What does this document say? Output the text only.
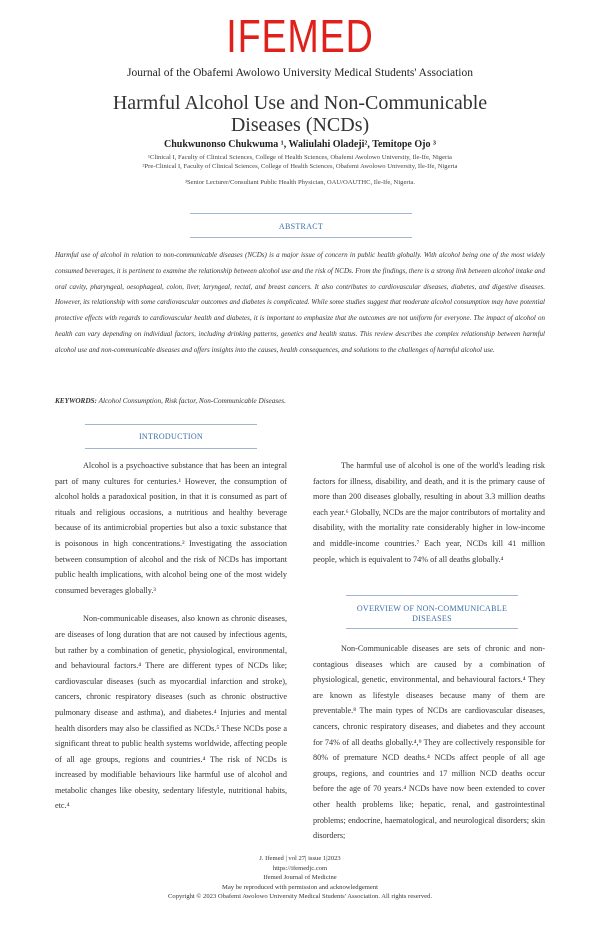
IFEMED
Journal of the Obafemi Awolowo University Medical Students' Association
Harmful Alcohol Use and Non-Communicable
Diseases (NCDs)
Chukwunonso Chukwuma ¹, Waliulahi Oladeji², Temitope Ojo ³
¹Clinical I, Faculty of Clinical Sciences, College of Health Sciences, Obafemi Awolowo University, Ile-Ife, Nigeria
²Pre-Clinical I, Faculty of Clinical Sciences, College of Health Sciences, Obafemi Awolowo University, Ile-Ife, Nigeria
³Senior Lecturer/Consultant Public Health Physician, OAU/OAUTHC, Ile-Ife, Nigeria.
ABSTRACT
Harmful use of alcohol in relation to non-communicable diseases (NCDs) is a major issue of concern in public health globally. With alcohol being one of the most widely consumed beverages, it is pertinent to examine the relationship between alcohol use and the risk of NCDs. From the findings, there is a strong link between alcohol intake and oral cavity, pharyngeal, oesophageal, colon, liver, laryngeal, rectal, and breast cancers. It also contributes to cardiovascular diseases, diabetes, and digestive diseases. However, its relationship with some cardiovascular outcomes and diabetes is complicated. While some studies suggest that moderate alcohol consumption may have potential protective effects with regards to cardiovascular health and diabetes, it is important to emphasize that the outcomes are not uniform for everyone. The impact of alcohol on health can vary depending on individual factors, including drinking patterns, genetics and health status. This review describes the complex relationship between harmful alcohol use and non-communicable diseases and offers insights into the causes, health consequences, and solutions to the challenges of harmful alcohol use.
KEYWORDS: Alcohol Consumption, Risk factor, Non-Communicable Diseases.
INTRODUCTION

Alcohol is a psychoactive substance that has been an integral part of many cultures for centuries.¹ However, the consumption of alcohol holds a paradoxical position, in that it is consumed as part of rituals and religious occasions, a nutritious and healthy beverage because of its antimicrobial properties but also a toxic substance that is poisonous in high concentrations.² Investigating the association between consumption of alcohol and the risk of NCDs has important public health implications, with alcohol being one of the most widely consumed beverages globally.³

Non-communicable diseases, also known as chronic diseases, are diseases of long duration that are not caused by infectious agents, but rather by a combination of genetic, physiological, environmental, and behavioural factors.⁴ There are different types of NCDs like; cardiovascular diseases (such as myocardial infarction and stroke), cancers, chronic respiratory diseases (such as chronic obstructive pulmonary disease and asthma), and diabetes.⁴ Injuries and mental health disorders may also be classified as NCDs.⁵ These NCDs pose a significant threat to public health systems worldwide, affecting people of all age groups, regions and countries.⁴ The risk of NCDs is increased by modifiable behaviours like harmful use of alcohol and metabolic changes like obesity, sedentary lifestyle, nutritional habits, etc.⁴

The harmful use of alcohol is one of the world's leading risk factors for illness, disability, and death, and it is the primary cause of more than 200 diseases globally, resulting in about 3.3 million deaths each year.⁶ Globally, NCDs are the major contributors of mortality and disability, with the mortality rate considerably higher in low-income and middle-income countries.⁷ Each year, NCDs kill 41 million people, which is equivalent to 74% of all deaths globally.⁴

OVERVIEW OF NON-COMMUNICABLE
DISEASES

Non-Communicable diseases are sets of chronic and non-contagious diseases which are caused by a combination of physiological, genetic, environmental, and behavioural factors.⁴ They are known as lifestyle diseases because many of them are preventable.⁸ The main types of NCDs are cardiovascular diseases, cancers, chronic respiratory diseases, and diabetes and they account for 74% of all deaths globally.⁴,⁹ They are collectively responsible for 80% of premature NCD deaths.⁴ NCDs affect people of all age groups, regions, and countries and 17 million NCD deaths occur before the age of 70 years.⁴ NCDs have now been extended to cover other health problems like; hepatic, renal, and gastrointestinal problems; endocrine, haematological, and neurological disorders; skin disorders;

J. Ifemed | vol 27| issue 1|2023
https://ifemedjc.com
Ifemed Journal of Medicine
May be reproduced with permission and acknowledgement
Copyright © 2023 Obafemi Awolowo University Medical Students' Association. All rights reserved.
